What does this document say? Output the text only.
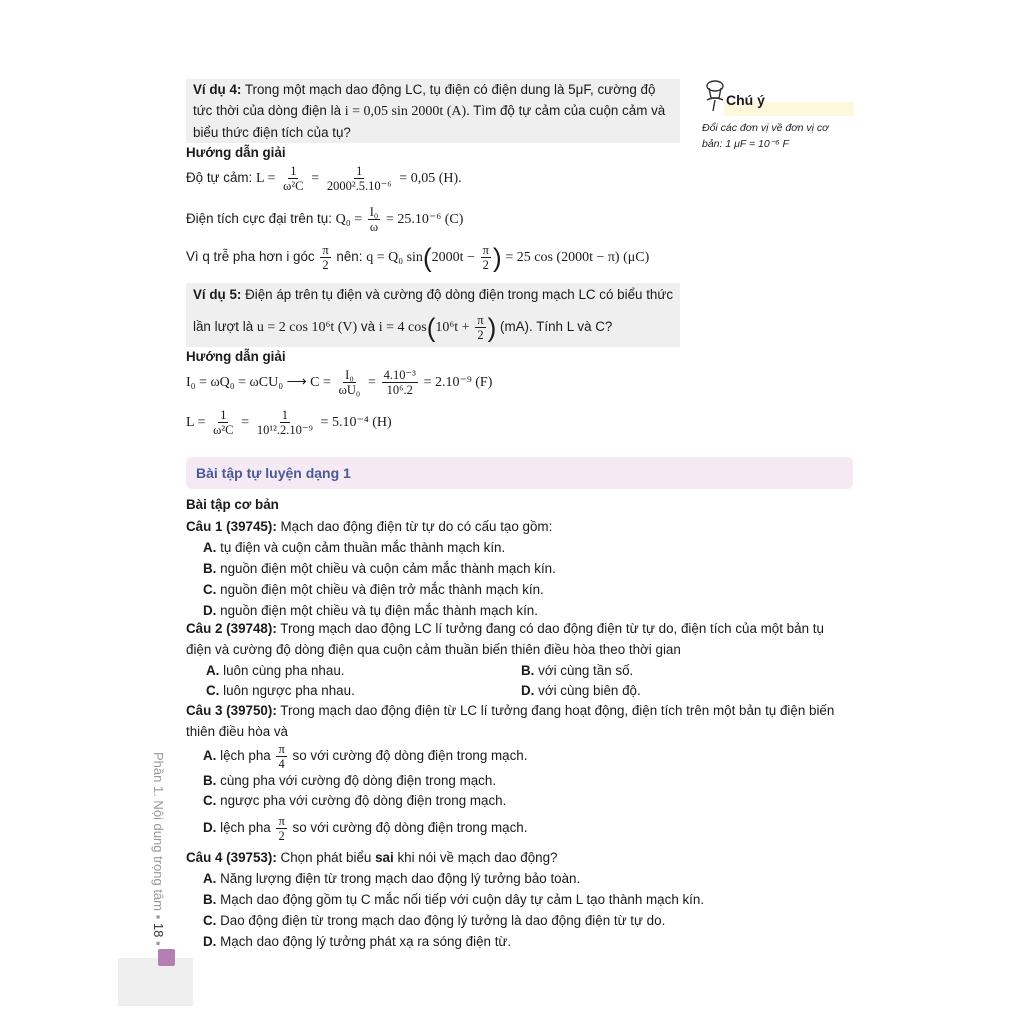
Ví dụ 4: Trong một mạch dao động LC, tụ điện có điện dung là 5μF, cường độ
tức thời của dòng điện là i = 0,05 sin 2000t (A). Tìm độ tự cảm của cuộn cảm và
biểu thức điện tích của tụ?
Hướng dẫn giải
Độ tự cảm: $L = \frac{1}{\text{ω²C}} = \frac{1}{\text{2000².5.10⁻⁶}} = 0,05$ (H).
Điện tích cực đại trên tụ: $Q_0 = \frac{\text{I₀}}{\omega} = 25.10^{-6}$ (C)
Vì q trễ pha hơn i góc $\frac{\pi}{2}$ nên: q = Q₀ $\sin(2000t - \frac{\pi}{2}$ ) = 25 cos (2000t − π) (μC)
Ví dụ 5: Điện áp trên tụ điện và cường độ dòng điện trong mạch LC có biểu thức
lần lượt là u = 2 cos 10⁶t (V) và i = 4 $\cos(10^6t + \frac{\pi}{2}$ ) (mA). Tính L và C?
Hướng dẫn giải
I₀ = ωQ₀ = ωCU₀ ⟶ $C = \frac{\text{I₀}}{\text{ωU₀}} = \frac{\text{4.10⁻³}}{\text{10⁶.2}} = 2.10^{-9}$ (F)
$L = \frac{1}{\text{ω²C}} = \frac{1}{\text{10¹².2.10⁻⁹}} = 5.10^{-4}$ (H)
Chú ý
Đổi các đơn vị về đơn vị cơ
bản: 1 μF = 10⁻⁶ F
Bài tập tự luyện dạng 1
Bài tập cơ bản
Câu 1 (39745): Mạch dao động điện từ tự do có cấu tạo gồm:
A. tụ điện và cuộn cảm thuần mắc thành mạch kín.
B. nguồn điện một chiều và cuộn cảm mắc thành mạch kín.
C. nguồn điện một chiều và điện trở mắc thành mạch kín.
D. nguồn điện một chiều và tụ điện mắc thành mạch kín.
Câu 2 (39748): Trong mạch dao động LC lí tưởng đang có dao động điện từ tự do, điện tích của một bản tụ
điện và cường độ dòng điện qua cuộn cảm thuần biến thiên điều hòa theo thời gian
A. luôn cùng pha nhau.	B. với cùng tần số.
C. luôn ngược pha nhau.	D. với cùng biên độ.
Câu 3 (39750): Trong mạch dao động điện từ LC lí tưởng đang hoạt động, điện tích trên một bản tụ điện biến
thiên điều hòa và
A. lệch pha $\frac{\pi}{4}$ so với cường độ dòng điện trong mạch.
B. cùng pha với cường độ dòng điện trong mạch.
C. ngược pha với cường độ dòng điện trong mạch.
D. lệch pha $\frac{\pi}{2}$ so với cường độ dòng điện trong mạch.
Câu 4 (39753): Chọn phát biểu sai khi nói về mạch dao động?
A. Năng lượng điện từ trong mạch dao động lý tưởng bảo toàn.
B. Mạch dao động gồm tụ C mắc nối tiếp với cuộn dây tự cảm L tạo thành mạch kín.
C. Dao động điện từ trong mạch dao động lý tưởng là dao động điện từ tự do.
D. Mạch dao động lý tưởng phát xạ ra sóng điện từ.
Phần 1. Nội dung trọng tâm ▪ 18 ▪
